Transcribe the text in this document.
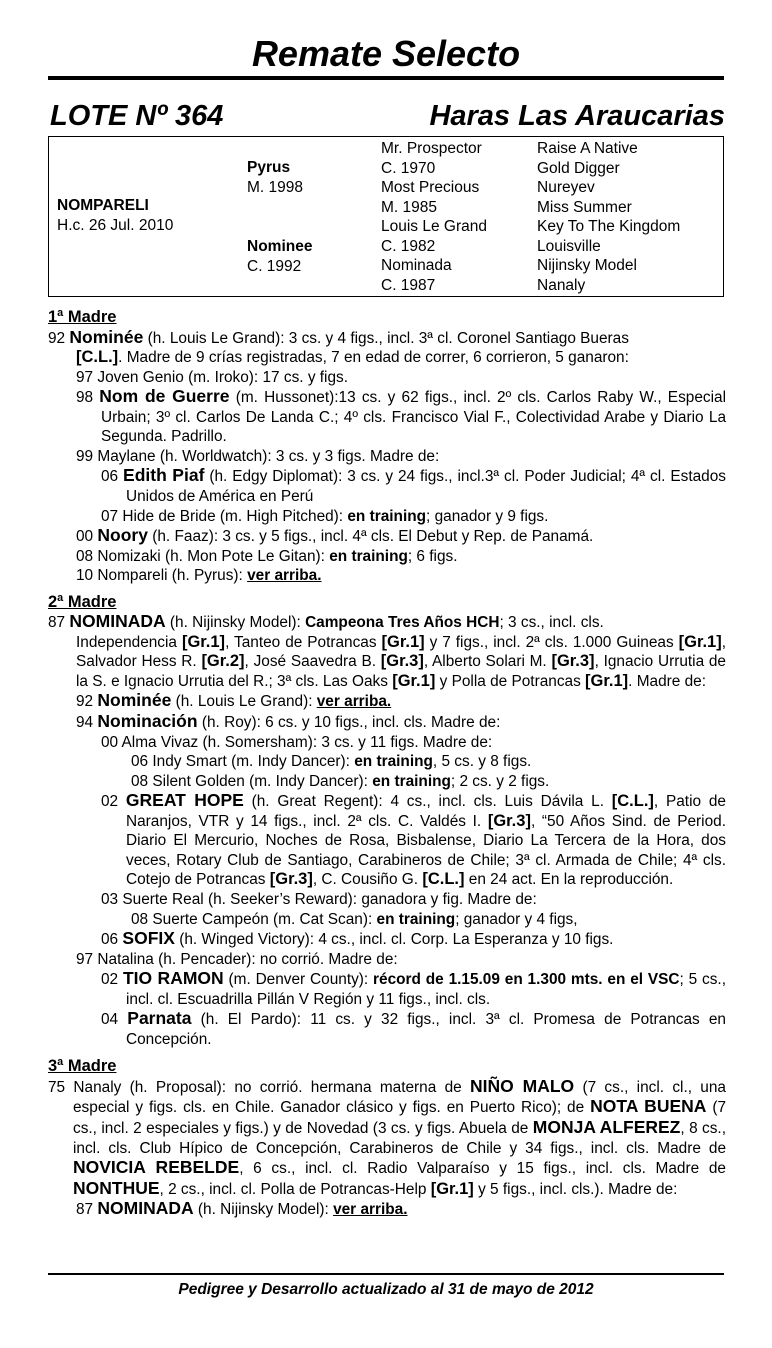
Remate Selecto
LOTE Nº 364	Haras Las Araucarias
NOMPARELI
H.c. 26 Jul. 2010
Pyrus
M. 1998
Nominee
C. 1992
Mr. Prospector
C. 1970
Most Precious
M. 1985
Louis Le Grand
C. 1982
Nominada
C. 1987
Raise A Native
Gold Digger
Nureyev
Miss Summer
Key To The Kingdom
Louisville
Nijinsky Model
Nanaly
1ª Madre
92 Nominée (h. Louis Le Grand): 3 cs. y 4 figs., incl. 3ª cl. Coronel Santiago Bueras
[C.L.]. Madre de 9 crías registradas, 7 en edad de correr, 6 corrieron, 5 ganaron:
97 Joven Genio (m. Iroko): 17 cs. y figs.
98 Nom de Guerre (m. Hussonet):13 cs. y 62 figs., incl. 2º cls. Carlos Raby W., Especial Urbain; 3º cl. Carlos De Landa C.; 4º cls. Francisco Vial F., Colectividad Arabe y Diario La Segunda. Padrillo.
99 Maylane (h. Worldwatch): 3 cs. y 3 figs. Madre de:
06 Edith Piaf (h. Edgy Diplomat): 3 cs. y 24 figs., incl.3ª cl. Poder Judicial; 4ª cl. Estados Unidos de América en Perú
07 Hide de Bride (m. High Pitched): en training; ganador y 9 figs.
00 Noory (h. Faaz): 3 cs. y 5 figs., incl. 4ª cls. El Debut y Rep. de Panamá.
08 Nomizaki (h. Mon Pote Le Gitan): en training; 6 figs.
10 Nompareli (h. Pyrus): ver arriba.
2ª Madre
87 NOMINADA (h. Nijinsky Model): Campeona Tres Años HCH; 3 cs., incl. cls.
Independencia [Gr.1], Tanteo de Potrancas [Gr.1] y 7 figs., incl. 2ª cls. 1.000 Guineas [Gr.1], Salvador Hess R. [Gr.2], José Saavedra B. [Gr.3], Alberto Solari M. [Gr.3], Ignacio Urrutia de la S. e Ignacio Urrutia del R.; 3ª cls. Las Oaks [Gr.1] y Polla de Potrancas [Gr.1]. Madre de:
92 Nominée (h. Louis Le Grand): ver arriba.
94 Nominación (h. Roy): 6 cs. y 10 figs., incl. cls. Madre de:
00 Alma Vivaz (h. Somersham): 3 cs. y 11 figs. Madre de:
06 Indy Smart (m. Indy Dancer): en training, 5 cs. y 8 figs.
08 Silent Golden (m. Indy Dancer): en training; 2 cs. y 2 figs.
02 GREAT HOPE (h. Great Regent): 4 cs., incl. cls. Luis Dávila L. [C.L.], Patio de Naranjos, VTR y 14 figs., incl. 2ª cls. C. Valdés I. [Gr.3], “50 Años Sind. de Period. Diario El Mercurio, Noches de Rosa, Bisbalense, Diario La Tercera de la Hora, dos veces, Rotary Club de Santiago, Carabineros de Chile; 3ª cl. Armada de Chile; 4ª cls. Cotejo de Potrancas [Gr.3], C. Cousiño G. [C.L.] en 24 act. En la reproducción.
03 Suerte Real (h. Seeker’s Reward): ganadora y fig. Madre de:
08 Suerte Campeón (m. Cat Scan): en training; ganador y 4 figs,
06 SOFIX (h. Winged Victory): 4 cs., incl. cl. Corp. La Esperanza y 10 figs.
97 Natalina (h. Pencader): no corrió. Madre de:
02 TIO RAMON (m. Denver County): récord de 1.15.09 en 1.300 mts. en el VSC; 5 cs., incl. cl. Escuadrilla Pillán V Región y 11 figs., incl. cls.
04 Parnata (h. El Pardo): 11 cs. y 32 figs., incl. 3ª cl. Promesa de Potrancas en Concepción.
3ª Madre
75 Nanaly (h. Proposal): no corrió. hermana materna de NIÑO MALO (7 cs., incl. cl., una especial y figs. cls. en Chile. Ganador clásico y figs. en Puerto Rico); de NOTA BUENA (7 cs., incl. 2 especiales y figs.) y de Novedad (3 cs. y figs. Abuela de MONJA ALFEREZ, 8 cs., incl. cls. Club Hípico de Concepción, Carabineros de Chile y 34 figs., incl. cls. Madre de NOVICIA REBELDE, 6 cs., incl. cl. Radio Valparaíso y 15 figs., incl. cls. Madre de NONTHUE, 2 cs., incl. cl. Polla de Potrancas-Help [Gr.1] y 5 figs., incl. cls.). Madre de:
87 NOMINADA (h. Nijinsky Model): ver arriba.
Pedigree y Desarrollo actualizado al 31 de mayo de 2012
